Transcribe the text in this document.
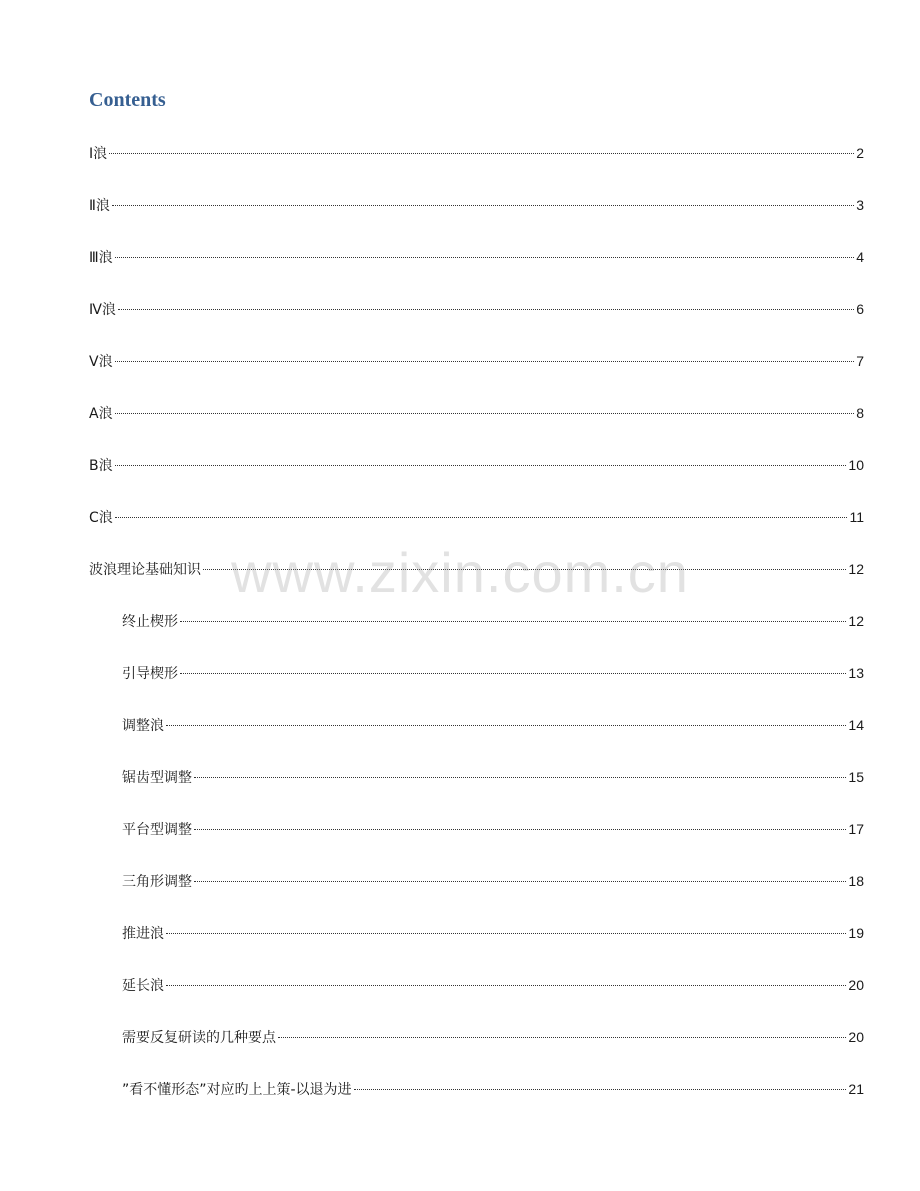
Contents
Ⅰ浪	2
Ⅱ浪	3
Ⅲ浪	4
Ⅳ浪	6
Ⅴ浪	7
A浪	8
B浪	10
C浪	11
波浪理论基础知识	12
终止楔形	12
引导楔形	13
调整浪	14
锯齿型调整	15
平台型调整	17
三角形调整	18
推进浪	19
延长浪	20
需要反复研读的几种要点	20
”看不懂形态”对应旳上上策-以退为进	21
www.zixin.com.cn
